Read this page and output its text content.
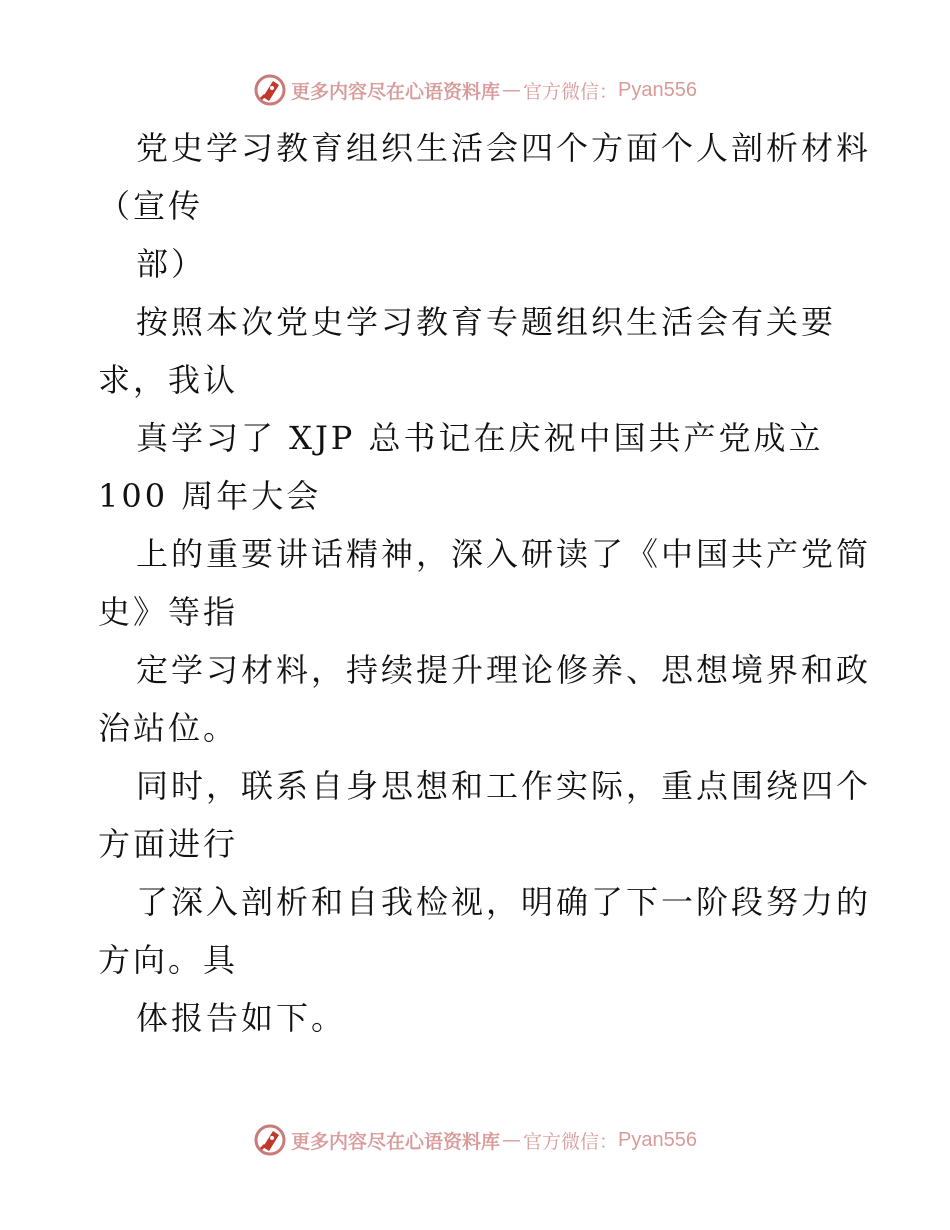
更多内容尽在心语资料库 — 官方微信： Pyan556
党史学习教育组织生活会四个方面个人剖析材料
（宣传
部）
按照本次党史学习教育专题组织生活会有关要
求，我认
真学习了 XJP 总书记在庆祝中国共产党成立
100 周年大会
上的重要讲话精神，深入研读了《中国共产党简
史》等指
定学习材料，持续提升理论修养、思想境界和政
治站位。
同时，联系自身思想和工作实际，重点围绕四个
方面进行
了深入剖析和自我检视，明确了下一阶段努力的
方向。具
体报告如下。
更多内容尽在心语资料库 — 官方微信： Pyan556
